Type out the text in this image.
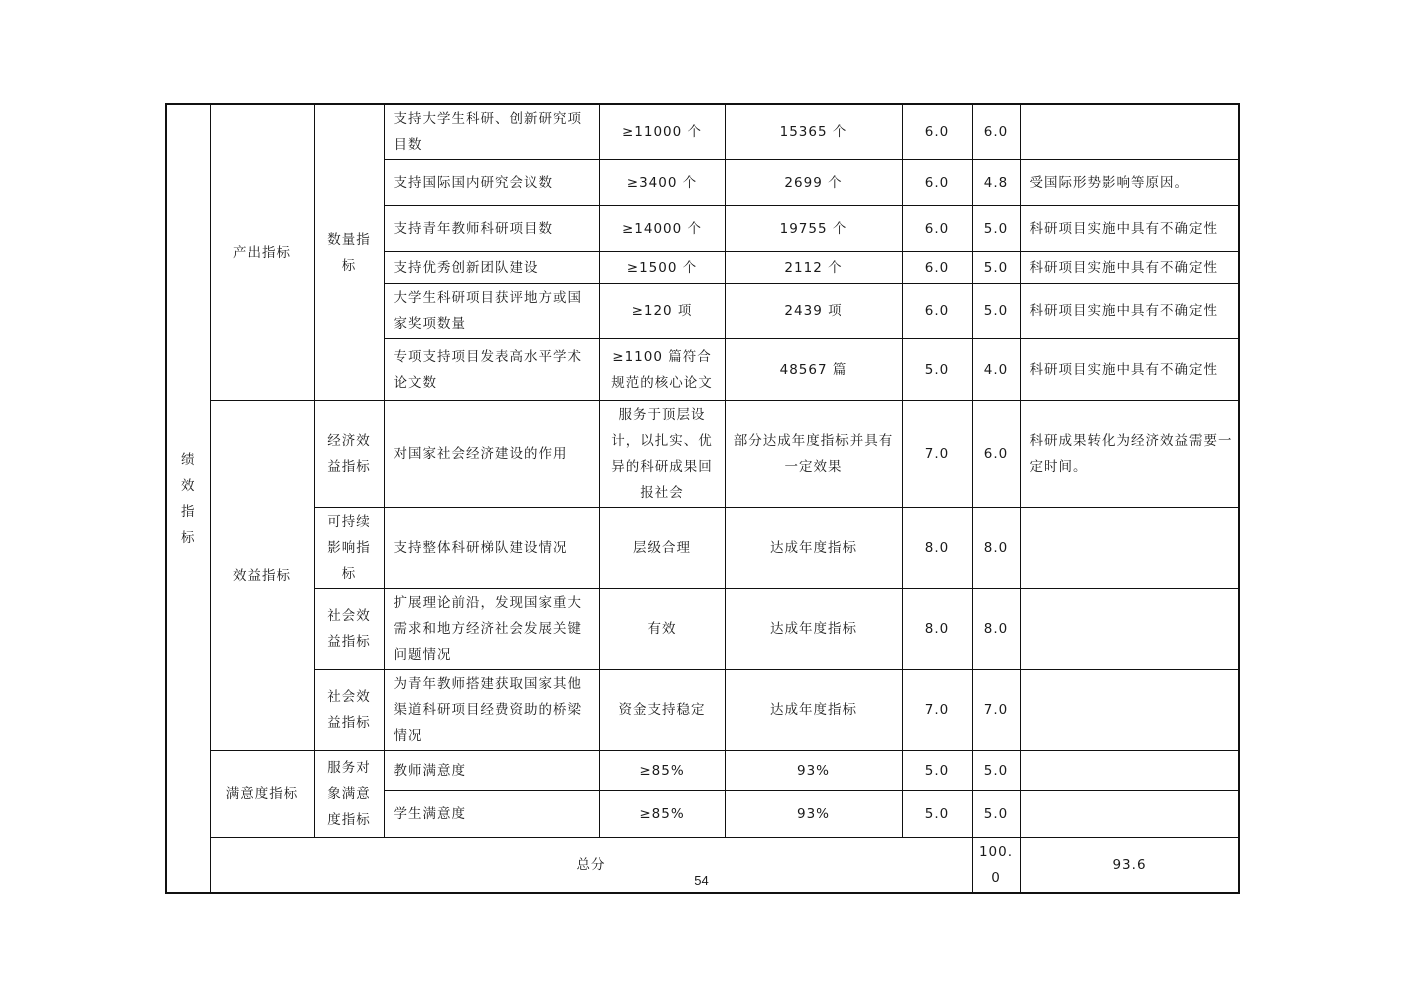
绩效指标	产出指标	数量指标	支持大学生科研、创新研究项目数	≥11000 个	15365 个	6.0	6.0		
			支持国际国内研究会议数	≥3400 个	2699 个	6.0	4.8	受国际形势影响等原因。	
			支持青年教师科研项目数	≥14000 个	19755 个	6.0	5.0	科研项目实施中具有不确定性	
			支持优秀创新团队建设	≥1500 个	2112 个	6.0	5.0	科研项目实施中具有不确定性	
			大学生科研项目获评地方或国家奖项数量	≥120 项	2439 项	6.0	5.0	科研项目实施中具有不确定性	
			专项支持项目发表高水平学术论文数	≥1100 篇符合规范的核心论文	48567 篇	5.0	4.0	科研项目实施中具有不确定性	
	效益指标	经济效益指标	对国家社会经济建设的作用	服务于顶层设计，以扎实、优异的科研成果回报社会	部分达成年度指标并具有一定效果	7.0	6.0	科研成果转化为经济效益需要一定时间。	
		可持续影响指标	支持整体科研梯队建设情况	层级合理	达成年度指标	8.0	8.0		
		社会效益指标	扩展理论前沿，发现国家重大需求和地方经济社会发展关键问题情况	有效	达成年度指标	8.0	8.0		
		社会效益指标	为青年教师搭建获取国家其他渠道科研项目经费资助的桥梁情况	资金支持稳定	达成年度指标	7.0	7.0		
	满意度指标	服务对象满意度指标	教师满意度	≥85%	93%	5.0	5.0		
			学生满意度	≥85%	93%	5.0	5.0		
	总分						100.0	93.6	
54
